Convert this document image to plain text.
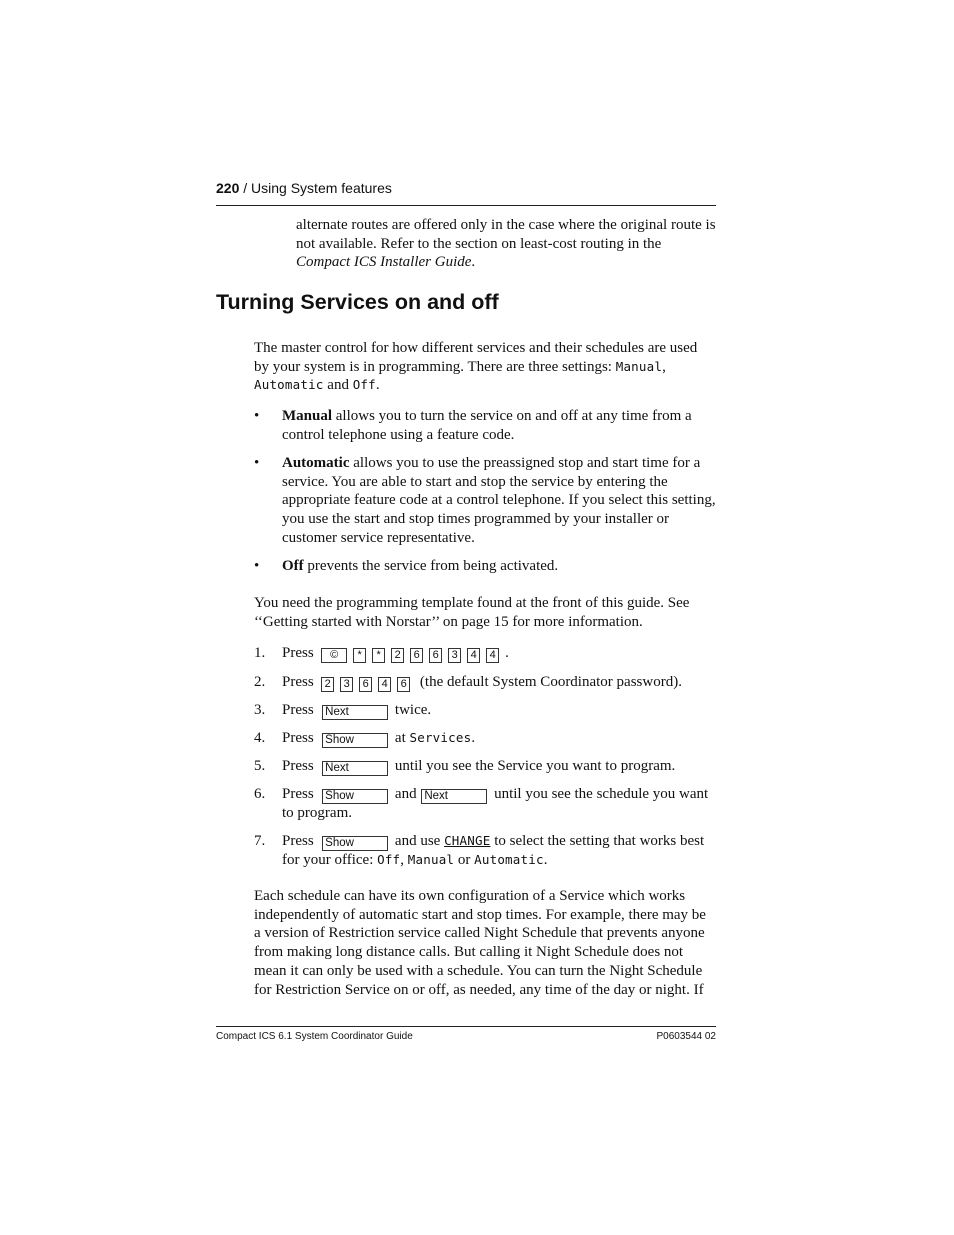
220 / Using System features
alternate routes are offered only in the case where the original route is not available. Refer to the section on least-cost routing in the Compact ICS Installer Guide.
Turning Services on and off
The master control for how different services and their schedules are used by your system is in programming. There are three settings: Manual,
Automatic and Off.
• Manual allows you to turn the service on and off at any time from a control telephone using a feature code.
• Automatic allows you to use the preassigned stop and start time for a service. You are able to start and stop the service by entering the appropriate feature code at a control telephone. If you select this setting, you use the start and stop times programmed by your installer or customer service representative.
• Off prevents the service from being activated.
You need the programming template found at the front of this guide. See ‘‘Getting started with Norstar’’ on page 15 for more information.
1. Press © * * 2 6 6 3 4 4 .
2. Press 2 3 6 4 6 (the default System Coordinator password).
3. Press Next	twice.
4. Press Show	at Services.
5. Press Next	until you see the Service you want to program.
6. Press Show	and Next	until you see the schedule you want to program.
7. Press Show	and use CHANGE to select the setting that works best for your office: Off, Manual or Automatic.
Each schedule can have its own configuration of a Service which works independently of automatic start and stop times. For example, there may be a version of Restriction service called Night Schedule that prevents anyone from making long distance calls. But calling it Night Schedule does not mean it can only be used with a schedule. You can turn the Night Schedule for Restriction Service on or off, as needed, any time of the day or night. If
Compact ICS 6.1 System Coordinator Guide	P0603544 02
